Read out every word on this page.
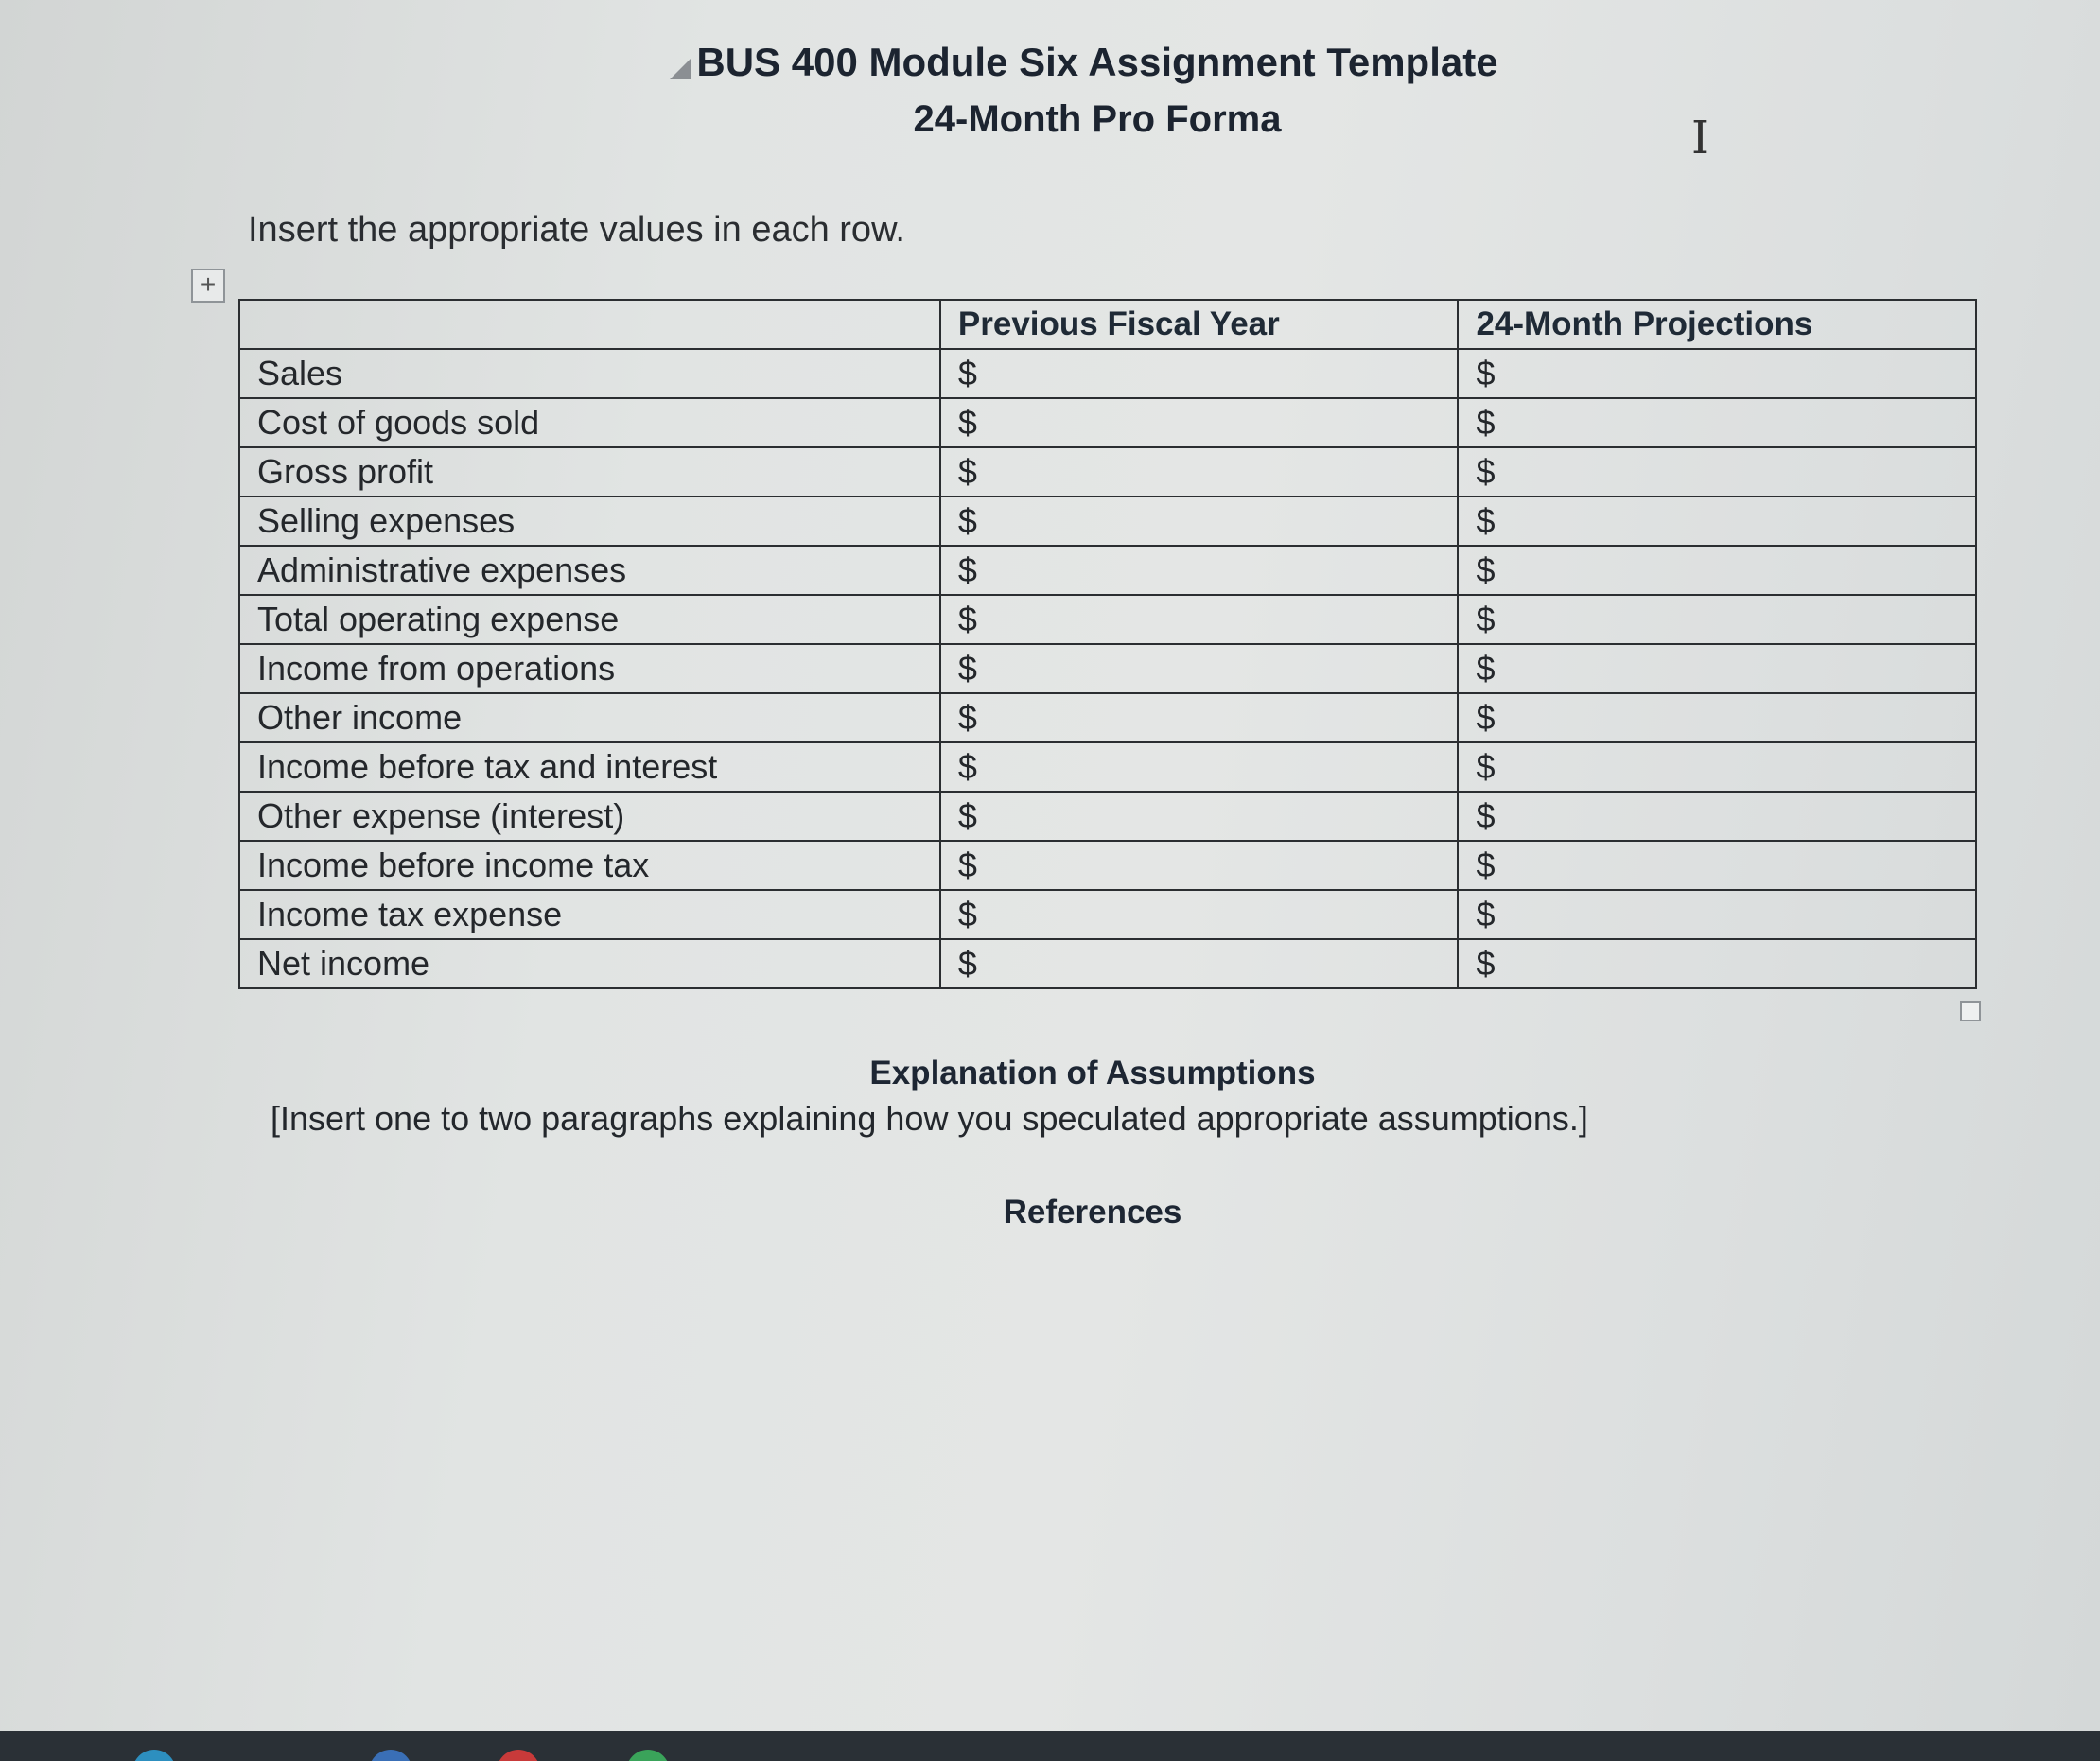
BUS 400 Module Six Assignment Template
24-Month Pro Forma	I
Insert the appropriate values in each row.
+
	Previous Fiscal Year	24-Month Projections
Sales	$	$
Cost of goods sold	$	$
Gross profit	$	$
Selling expenses	$	$
Administrative expenses	$	$
Total operating expense	$	$
Income from operations	$	$
Other income	$	$
Income before tax and interest	$	$
Other expense (interest)	$	$
Income before income tax	$	$
Income tax expense	$	$
Net income	$	$
Explanation of Assumptions
[Insert one to two paragraphs explaining how you speculated appropriate assumptions.]
References
